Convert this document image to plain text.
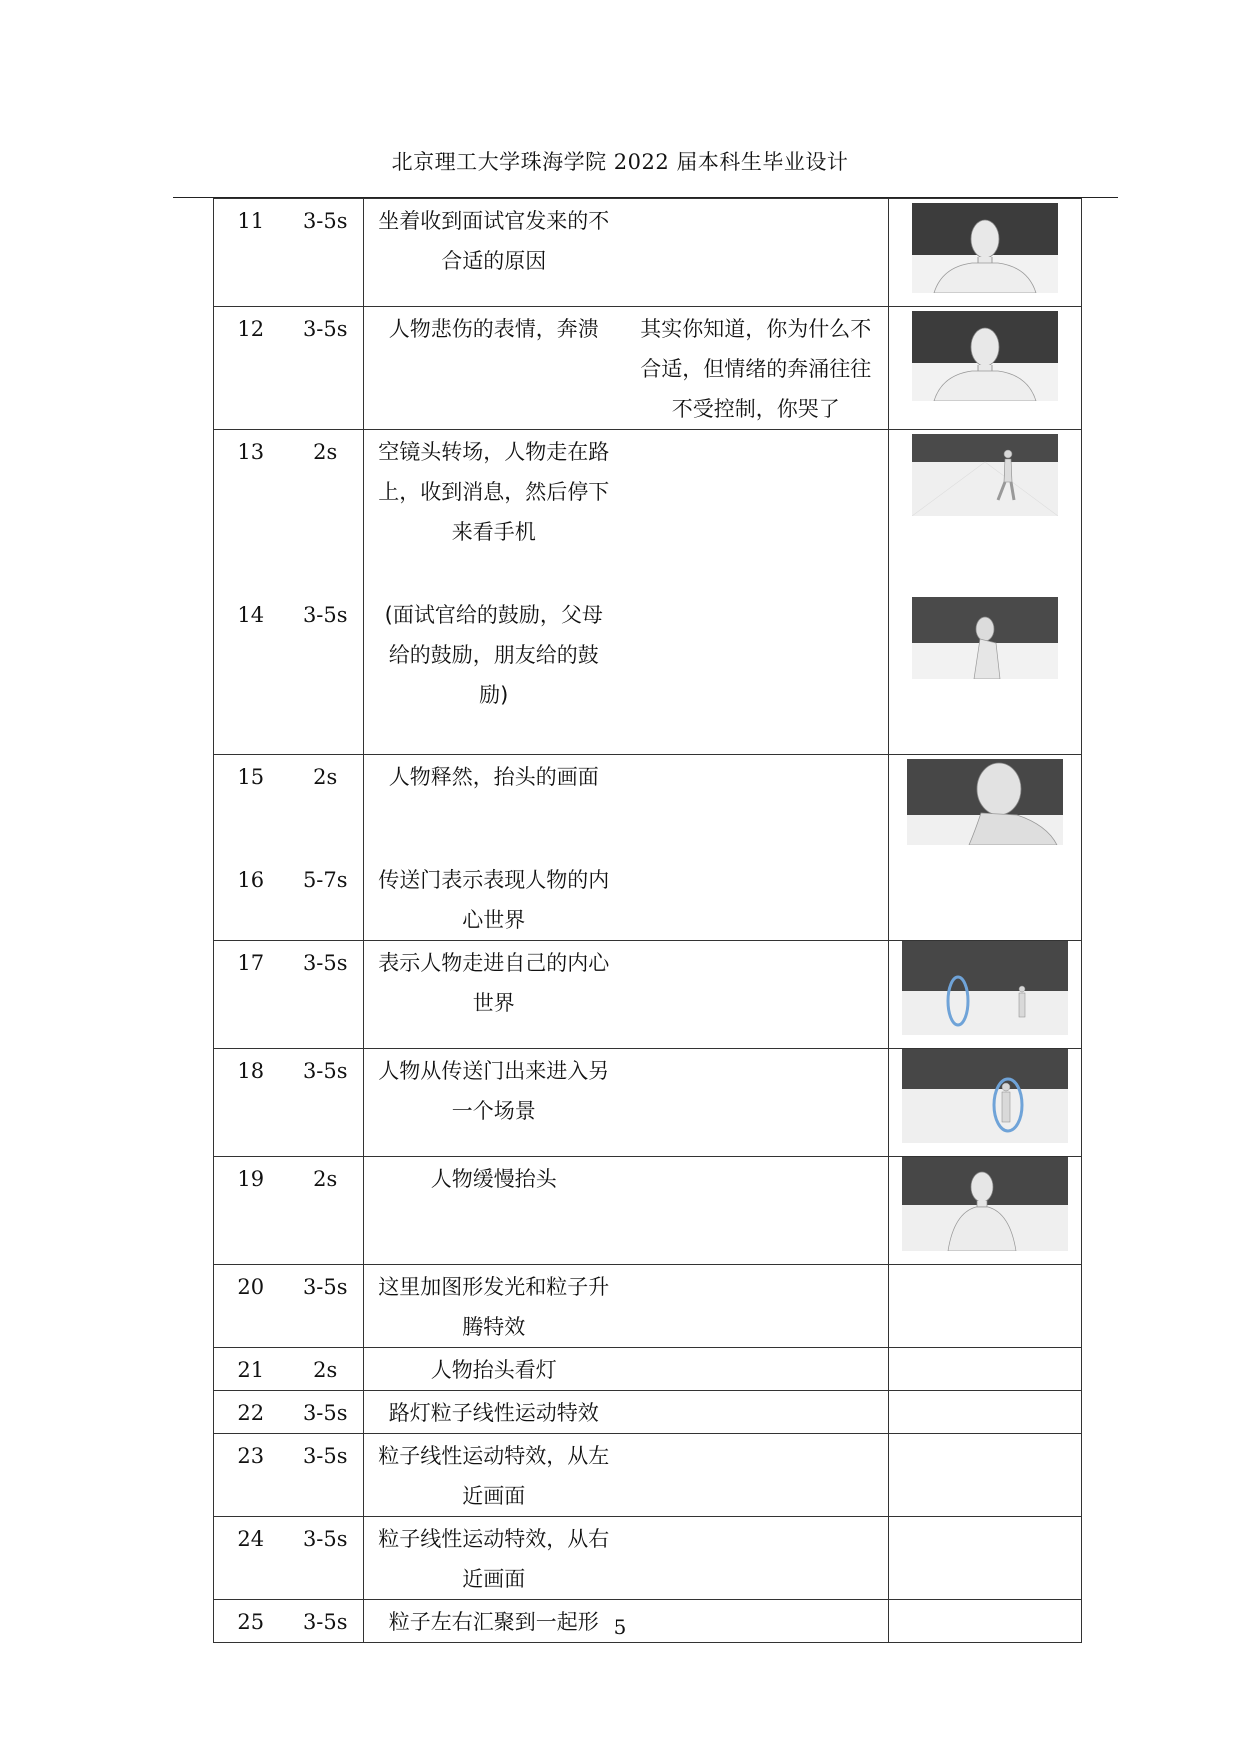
北京理工大学珠海学院 2022 届本科生毕业设计
11	3-5s	坐着收到面试官发来的不合适的原因		

12	3-5s	人物悲伤的表情，奔溃	其实你知道，你为什么不合适，但情绪的奔涌往往不受控制，你哭了	

13	2s	空镜头转场，人物走在路上，收到消息，然后停下来看手机		

14	3-5s	(面试官给的鼓励，父母给的鼓励，朋友给的鼓励)		

15	2s	人物释然，抬头的画面		

16	5-7s	传送门表示表现人物的内心世界		
17	3-5s	表示人物走进自己的内心世界		

18	3-5s	人物从传送门出来进入另一个场景		

19	2s	人物缓慢抬头		

20	3-5s	这里加图形发光和粒子升腾特效		
21	2s	人物抬头看灯		
22	3-5s	路灯粒子线性运动特效		
23	3-5s	粒子线性运动特效，从左近画面		
24	3-5s	粒子线性运动特效，从右近画面		
25	3-5s	粒子左右汇聚到一起形		5
